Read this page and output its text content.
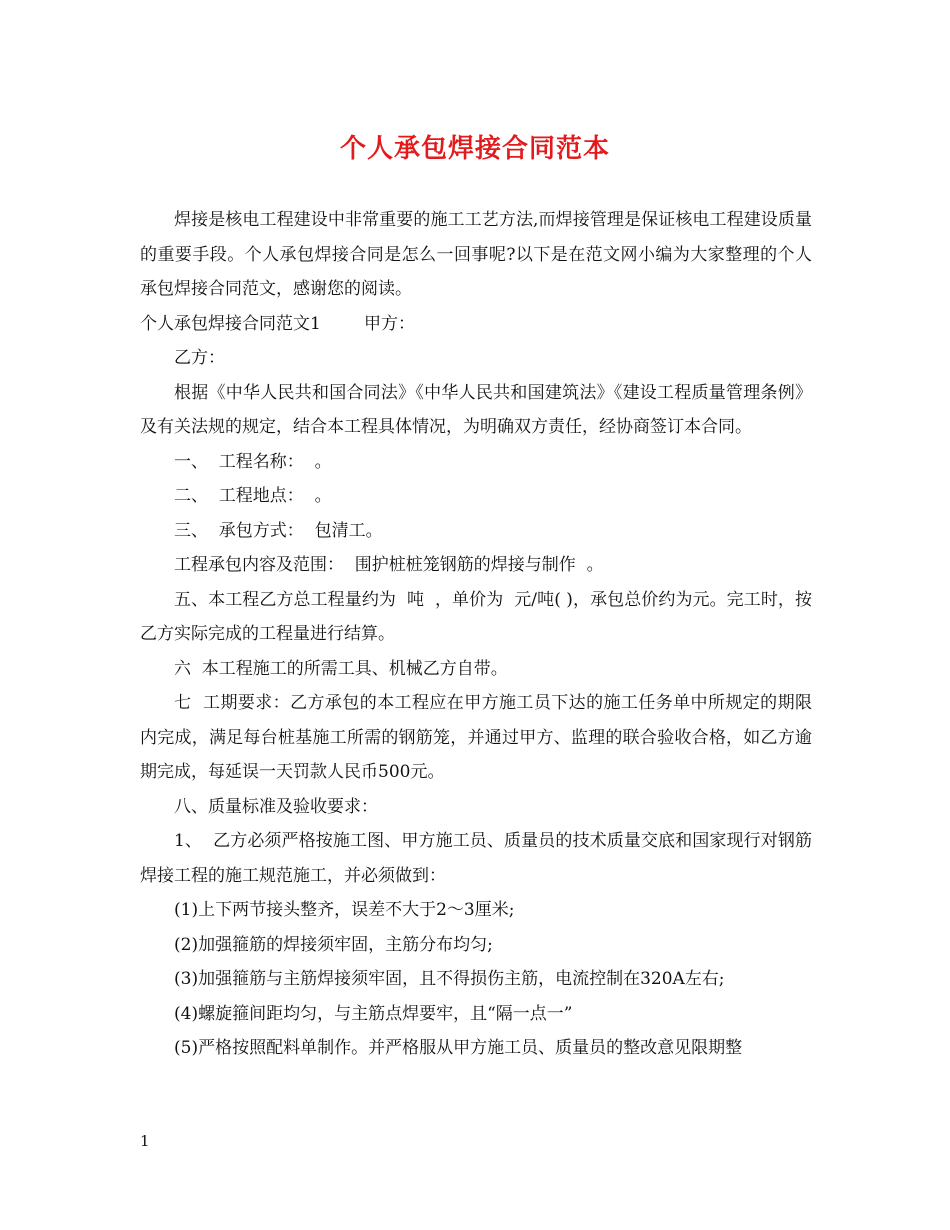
个人承包焊接合同范本

焊接是核电工程建设中非常重要的施工工艺方法,而焊接管理是保证核电工程建设质量的重要手段。个人承包焊接合同是怎么一回事呢?以下是在范文网小编为大家整理的个人承包焊接合同范文，感谢您的阅读。

个人承包焊接合同范文1        甲方：

乙方：

根据《中华人民共和国合同法》《中华人民共和国建筑法》《建设工程质量管理条例》及有关法规的规定，结合本工程具体情况，为明确双方责任，经协商签订本合同。

一、  工程名称：  。

二、  工程地点：  。

三、  承包方式：  包清工。

工程承包内容及范围：  围护桩桩笼钢筋的焊接与制作  。

五、本工程乙方总工程量约为  吨  ，单价为  元/吨( )，承包总价约为元。完工时，按乙方实际完成的工程量进行结算。

六  本工程施工的所需工具、机械乙方自带。

七  工期要求：乙方承包的本工程应在甲方施工员下达的施工任务单中所规定的期限内完成，满足每台桩基施工所需的钢筋笼，并通过甲方、监理的联合验收合格，如乙方逾期完成，每延误一天罚款人民币500元。

八、质量标准及验收要求：

1、  乙方必须严格按施工图、甲方施工员、质量员的技术质量交底和国家现行对钢筋焊接工程的施工规范施工，并必须做到：

(1)上下两节接头整齐，误差不大于2～3厘米;

(2)加强箍筋的焊接须牢固，主筋分布均匀;

(3)加强箍筋与主筋焊接须牢固，且不得损伤主筋，电流控制在320A左右;

(4)螺旋箍间距均匀，与主筋点焊要牢，且“隔一点一”

(5)严格按照配料单制作。并严格服从甲方施工员、质量员的整改意见限期整

1
